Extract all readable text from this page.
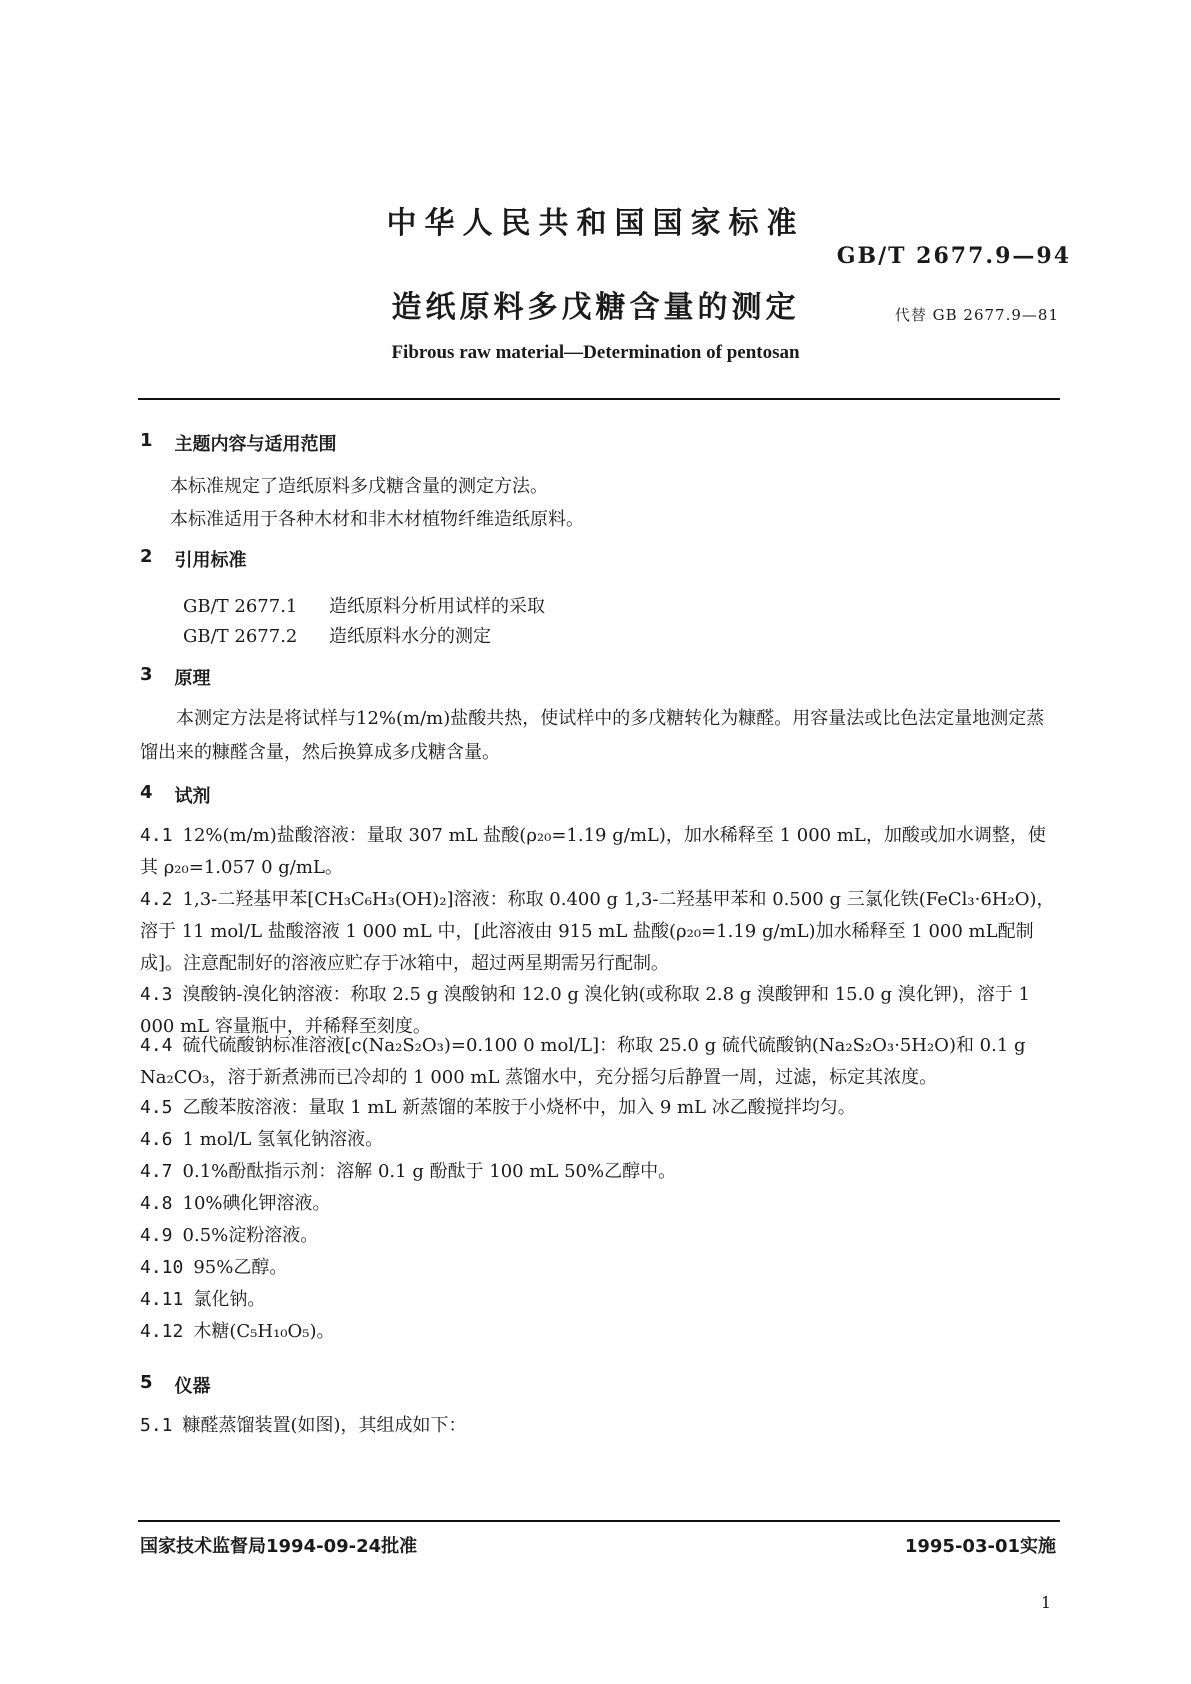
中华人民共和国国家标准
GB/T 2677.9—94
造纸原料多戊糖含量的测定	代替 GB 2677.9—81
Fibrous raw material—Determination of pentosan
1 主题内容与适用范围
本标准规定了造纸原料多戊糖含量的测定方法。
本标准适用于各种木材和非木材植物纤维造纸原料。
2 引用标准
GB/T 2677.1 造纸原料分析用试样的采取
GB/T 2677.2 造纸原料水分的测定
3 原理
本测定方法是将试样与12%(m/m)盐酸共热，使试样中的多戊糖转化为糠醛。用容量法或比色法定量地测定蒸馏出来的糠醛含量，然后换算成多戊糖含量。
4 试剂
4.1 12%(m/m)盐酸溶液：量取 307 mL 盐酸(ρ₂₀=1.19 g/mL)，加水稀释至 1 000 mL，加酸或加水调整，使其 ρ₂₀=1.057 0 g/mL。
4.2 1,3-二羟基甲苯[CH₃C₆H₃(OH)₂]溶液：称取 0.400 g 1,3-二羟基甲苯和 0.500 g 三氯化铁(FeCl₃·6H₂O)，溶于 11 mol/L 盐酸溶液 1 000 mL 中，[此溶液由 915 mL 盐酸(ρ₂₀=1.19 g/mL)加水稀释至 1 000 mL配制成]。注意配制好的溶液应贮存于冰箱中，超过两星期需另行配制。
4.3 溴酸钠-溴化钠溶液：称取 2.5 g 溴酸钠和 12.0 g 溴化钠(或称取 2.8 g 溴酸钾和 15.0 g 溴化钾)，溶于 1 000 mL 容量瓶中，并稀释至刻度。
4.4 硫代硫酸钠标准溶液[c(Na₂S₂O₃)=0.100 0 mol/L]：称取 25.0 g 硫代硫酸钠(Na₂S₂O₃·5H₂O)和 0.1 g Na₂CO₃，溶于新煮沸而已冷却的 1 000 mL 蒸馏水中，充分摇匀后静置一周，过滤，标定其浓度。
4.5 乙酸苯胺溶液：量取 1 mL 新蒸馏的苯胺于小烧杯中，加入 9 mL 冰乙酸搅拌均匀。
4.6 1 mol/L 氢氧化钠溶液。
4.7 0.1%酚酞指示剂：溶解 0.1 g 酚酞于 100 mL 50%乙醇中。
4.8 10%碘化钾溶液。
4.9 0.5%淀粉溶液。
4.10 95%乙醇。
4.11 氯化钠。
4.12 木糖(C₅H₁₀O₅)。
5 仪器
5.1 糠醛蒸馏装置(如图)，其组成如下：
国家技术监督局1994-09-24批准	1995-03-01实施
1
